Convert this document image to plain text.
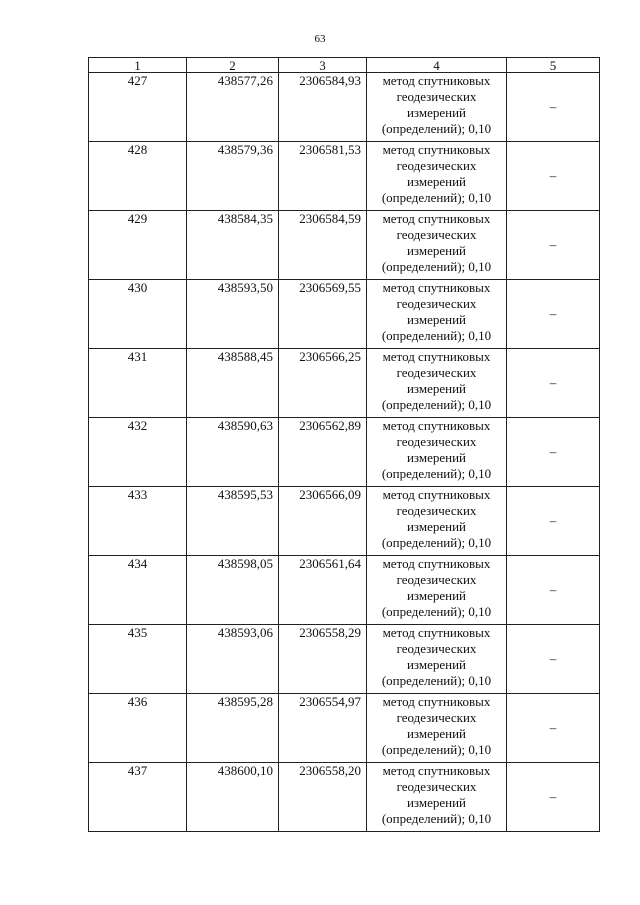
63
1	2	3	4	5
427	438577,26	2306584,93	метод спутниковых
геодезических
измерений
(определений); 0,10	–
428	438579,36	2306581,53	метод спутниковых
геодезических
измерений
(определений); 0,10	–
429	438584,35	2306584,59	метод спутниковых
геодезических
измерений
(определений); 0,10	–
430	438593,50	2306569,55	метод спутниковых
геодезических
измерений
(определений); 0,10	–
431	438588,45	2306566,25	метод спутниковых
геодезических
измерений
(определений); 0,10	–
432	438590,63	2306562,89	метод спутниковых
геодезических
измерений
(определений); 0,10	–
433	438595,53	2306566,09	метод спутниковых
геодезических
измерений
(определений); 0,10	–
434	438598,05	2306561,64	метод спутниковых
геодезических
измерений
(определений); 0,10	–
435	438593,06	2306558,29	метод спутниковых
геодезических
измерений
(определений); 0,10	–
436	438595,28	2306554,97	метод спутниковых
геодезических
измерений
(определений); 0,10	–
437	438600,10	2306558,20	метод спутниковых
геодезических
измерений
(определений); 0,10	–
